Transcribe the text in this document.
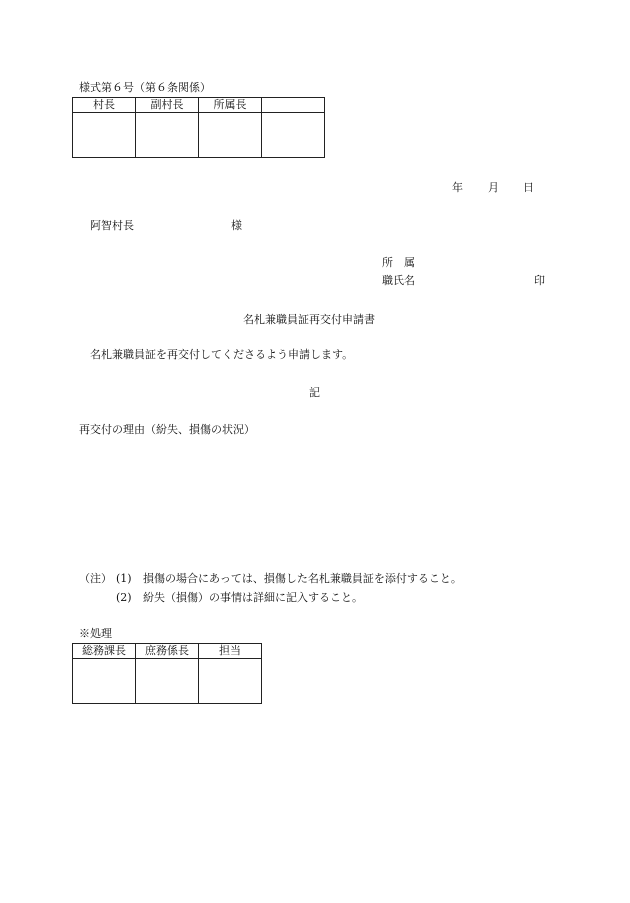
様式第６号（第６条関係）
村長	副村長	所属長	

年 月 日
阿智村長	様
所　属
職氏名	印
名札兼職員証再交付申請書
名札兼職員証を再交付してくださるよう申請します。
記
再交付の理由（紛失、損傷の状況）
（注） (1) 損傷の場合にあっては、損傷した名札兼職員証を添付すること。
(2) 紛失（損傷）の事情は詳細に記入すること。
※処理
総務課長	庶務係長	担当
